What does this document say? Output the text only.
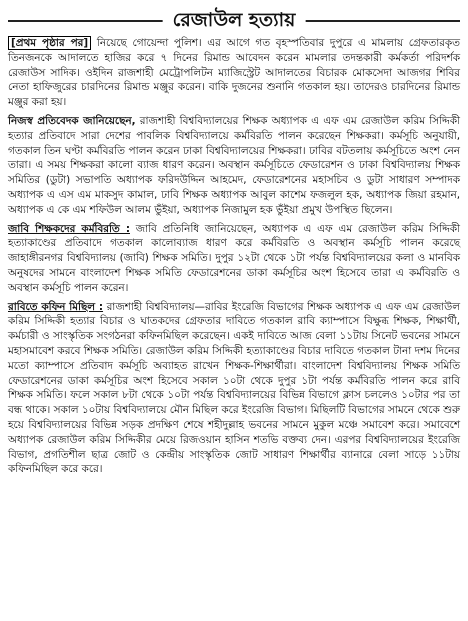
রেজাউল হত্যায়

[প্রথম পৃষ্ঠার পর] নিয়েছে গোয়েন্দা পুলিশ। এর আগে গত বৃহস্পতিবার দুপুরে এ মামলায় গ্রেফতারকৃত তিনজনকে আদালতে হাজির করে ৭ দিনের রিমান্ড আবেদন করেন মামলার তদন্তকারী কর্মকর্তা পরিদর্শক রেজাউস সাদিক। ওইদিন রাজশাহী মেট্রোপলিটন ম্যাজিস্ট্রেট আদালতের বিচারক মোকসেদা আজগর শিবির নেতা হাফিজুরের চারদিনের রিমান্ড মঞ্জুর করেন। বাকি দুজনের শুনানি গতকাল হয়। তাদেরও চারদিনের রিমান্ড মঞ্জুর করা হয়।

নিজস্ব প্রতিবেদক জানিয়েছেন, রাজশাহী বিশ্ববিদ্যালয়ের শিক্ষক অধ্যাপক এ এফ এম রেজাউল করিম সিদ্দিকী হত্যার প্রতিবাদে সারা দেশের পাবলিক বিশ্ববিদ্যালয়ে কর্মবিরতি পালন করেছেন শিক্ষকরা। কর্মসূচি অনুযায়ী, গতকাল তিন ঘণ্টা কর্মবিরতি পালন করেন ঢাকা বিশ্ববিদ্যালয়ের শিক্ষকরা। ঢাবির বটতলায় কর্মসূচিতে অংশ নেন তারা। এ সময় শিক্ষকরা কালো ব্যাজ ধারণ করেন। অবস্থান কর্মসূচিতে ফেডারেশন ও ঢাকা বিশ্ববিদ্যালয় শিক্ষক সমিতির (ডুটা) সভাপতি অধ্যাপক ফরিদউদ্দিন আহমেদ, ফেডারেশনের মহাসচিব ও ডুটা সাধারণ সম্পাদক অধ্যাপক এ এস এম মাকসুদ কামাল, ঢাবি শিক্ষক অধ্যাপক আবুল কাশেম ফজলুল হক, অধ্যাপক জিয়া রহমান, অধ্যাপক এ কে এম শফিউল আলম ভুঁইয়া, অধ্যাপক নিজামুল হক ভুঁইয়া প্রমুখ উপস্থিত ছিলেন।

জাবি শিক্ষকদের কর্মবিরতি : জাবি প্রতিনিধি জানিয়েছেন, অধ্যাপক এ এফ এম রেজাউল করিম সিদ্দিকী হত্যাকাণ্ডের প্রতিবাদে গতকাল কালোব্যাজ ধারণ করে কর্মবিরতি ও অবস্থান কর্মসূচি পালন করেছে জাহাঙ্গীরনগর বিশ্ববিদ্যালয় (জাবি) শিক্ষক সমিতি। দুপুর ১২টা থেকে ১টা পর্যন্ত বিশ্ববিদ্যালয়ের কলা ও মানবিক অনুষদের সামনে বাংলাদেশ শিক্ষক সমিতি ফেডারেশনের ডাকা কর্মসূচির অংশ হিসেবে তারা এ কর্মবিরতি ও অবস্থান কর্মসূচি পালন করেন।

রাবিতে কফিন মিছিল : রাজশাহী বিশ্ববিদ্যালয়—রাবির ইংরেজি বিভাগের শিক্ষক অধ্যাপক এ এফ এম রেজাউল করিম সিদ্দিকী হত্যার বিচার ও ঘাতকদের গ্রেফতার দাবিতে গতকাল রাবি ক্যাম্পাসে বিক্ষুব্ধ শিক্ষক, শিক্ষার্থী, কর্মচারী ও সাংস্কৃতিক সংগঠনরা কফিনমিছিল করেছেন। একই দাবিতে আজ বেলা ১১টায় সিনেট ভবনের সামনে মহাসমাবেশ করবে শিক্ষক সমিতি। রেজাউল করিম সিদ্দিকী হত্যাকাণ্ডের বিচার দাবিতে গতকাল টানা দশম দিনের মতো ক্যাম্পাসে প্রতিবাদ কর্মসূচি অব্যাহত রাখেন শিক্ষক-শিক্ষার্থীরা। বাংলাদেশ বিশ্ববিদ্যালয় শিক্ষক সমিতি ফেডারেশনের ডাকা কর্মসূচির অংশ হিসেবে সকাল ১০টা থেকে দুপুর ১টা পর্যন্ত কর্মবিরতি পালন করে রাবি শিক্ষক সমিতি। ফলে সকাল ৮টা থেকে ১০টা পর্যন্ত বিশ্ববিদ্যালয়ের বিভিন্ন বিভাগে ক্লাস চললেও ১০টার পর তা বন্ধ থাকে। সকাল ১০টায় বিশ্ববিদ্যালয়ে মৌন মিছিল করে ইংরেজি বিভাগ। মিছিলটি বিভাগের সামনে থেকে শুরু হয়ে বিশ্ববিদ্যালয়ের বিভিন্ন সড়ক প্রদক্ষিণ শেষে শহীদুল্লাহ ভবনের সামনে মুকুল মঞ্চে সমাবেশ করে। সমাবেশে অধ্যাপক রেজাউল করিম সিদ্দিকীর মেয়ে রিজওয়ান হাসিন শতভি বক্তব্য দেন। এরপর বিশ্ববিদ্যালয়ের ইংরেজি বিভাগ, প্রগতিশীল ছাত্র জোট ও কেন্দ্রীয় সাংস্কৃতিক জোট সাধারণ শিক্ষার্থীর ব্যানারে বেলা সাড়ে ১১টায় কফিনমিছিল করে করে।
